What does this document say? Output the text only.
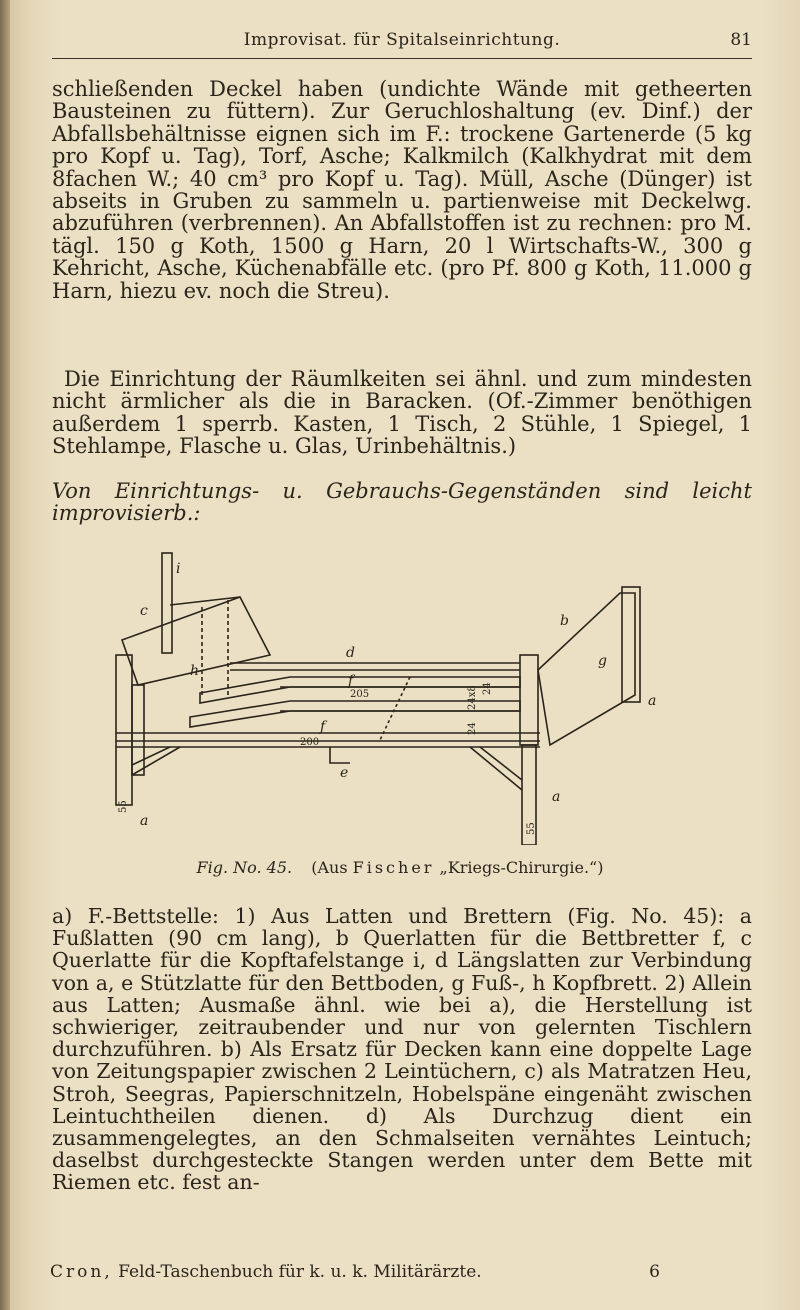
Improvisat. für Spitalseinrichtung.	81
schließenden Deckel haben (undichte Wände mit getheerten Bausteinen zu füttern). Zur Geruchloshaltung (ev. Dinf.) der Abfallsbehältnisse eignen sich im F.: trockene Gartenerde (5 kg pro Kopf u. Tag), Torf, Asche; Kalkmilch (Kalkhydrat mit dem 8fachen W.; 40 cm³ pro Kopf u. Tag). Müll, Asche (Dünger) ist abseits in Gruben zu sammeln u. partienweise mit Deckelwg. abzuführen (verbrennen). An Abfallstoffen ist zu rechnen: pro M. tägl. 150 g Koth, 1500 g Harn, 20 l Wirtschafts-W., 300 g Kehricht, Asche, Küchenabfälle etc. (pro Pf. 800 g Koth, 11.000 g Harn, hiezu ev. noch die Streu).
Die Einrichtung der Räumlkeiten sei ähnl. und zum mindesten nicht ärmlicher als die in Baracken. (Of.-Zimmer benöthigen außerdem 1 sperrb. Kasten, 1 Tisch, 2 Stühle, 1 Spiegel, 1 Stehlampe, Flasche u. Glas, Urinbehältnis.)
Von Einrichtungs- u. Gebrauchs-Gegenständen sind leicht improvisierb.:
i
c
h
d
f
f
g
a
e
a
a
b
205
200
55
55
24
24x8
24
Fig. No. 45. (Aus Fischer „Kriegs-Chirurgie.“)
a) F.-Bettstelle: 1) Aus Latten und Brettern (Fig. No. 45): a Fußlatten (90 cm lang), b Querlatten für die Bettbretter f, c Querlatte für die Kopftafelstange i, d Längslatten zur Verbindung von a, e Stützlatte für den Bettboden, g Fuß-, h Kopfbrett. 2) Allein aus Latten; Ausmaße ähnl. wie bei a), die Herstellung ist schwieriger, zeitraubender und nur von gelernten Tischlern durchzuführen. b) Als Ersatz für Decken kann eine doppelte Lage von Zeitungspapier zwischen 2 Leintüchern, c) als Matratzen Heu, Stroh, Seegras, Papierschnitzeln, Hobelspäne eingenäht zwischen Leintuchtheilen dienen. d) Als Durchzug dient ein zusammengelegtes, an den Schmalseiten vernähtes Leintuch; daselbst durchgesteckte Stangen werden unter dem Bette mit Riemen etc. fest an-
Cron, Feld-Taschenbuch für k. u. k. Militärärzte.	6
